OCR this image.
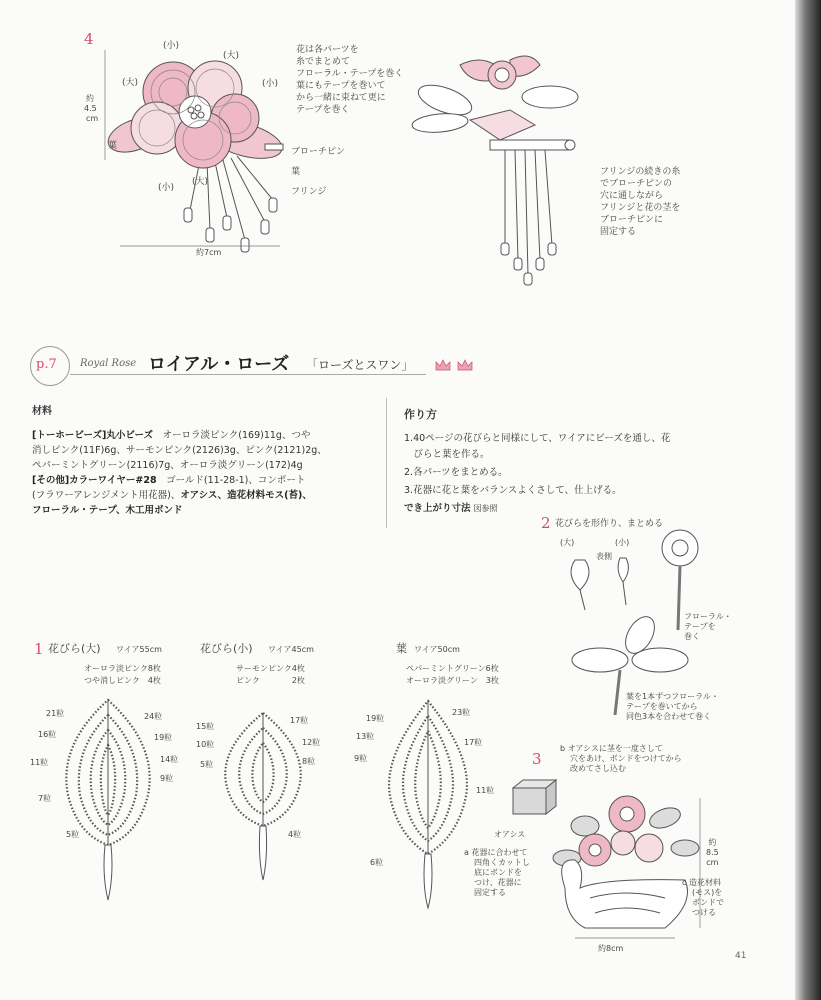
4	(小)
(大)
(大)	(小)
(小)
(大)
約
4.5
cm
葉
ブローチピン
葉
フリンジ
約7cm
花は各パーツを
糸でまとめて
フローラル・テープを巻く
葉にもテープを巻いて
から一緒に束ねて更に
テープを巻く
フリンジの続きの糸
でブローチピンの
穴に通しながら
フリンジと花の茎を
ブローチピンに
固定する
p.7 Royal Rose ロイアル・ローズ 「ローズとスワン」
材料
[トーホービーズ]丸小ビーズ　オーロラ淡ピンク(169)11g、つや
消しピンク(11F)6g、サーモンピンク(2126)3g、ピンク(2121)2g、
ペパーミントグリーン(2116)7g、オーロラ淡グリーン(172)4g
[その他]カラーワイヤー#28　ゴールド(11-28-1)、コンポート
(フラワーアレンジメント用花器)、オアシス、造花材料モス(苔)、
フローラル・テープ、木工用ボンド
作り方
1.40ページの花びらと同様にして、ワイアにビーズを通し、花
　びらと葉を作る。
2.各パーツをまとめる。
3.花器に花と葉をバランスよくさして、仕上げる。
でき上がり寸法 図参照
2 花びらを形作り、まとめる
(大)	(小)
表側
フローラル・
テープを
巻く
葉を1本ずつフローラル・
テープを巻いてから
同色3本を合わせて巻く
1 花びら(大) ワイア55cm
オーロラ淡ピンク8枚
つや消しピンク　4枚
21粒
16粒
11粒
7粒
5粒
24粒
19粒
14粒
9粒
花びら(小) ワイア45cm
サーモンピンク4枚
ピンク　　　　2枚
15粒
10粒
5粒
17粒
12粒
8粒
4粒
葉 ワイア50cm
ペパーミントグリーン6枚
オーロラ淡グリーン　3枚
19粒
13粒
9粒
6粒
23粒
17粒
11粒
3
b オアシスに茎を一度さして
穴をあけ、ボンドをつけてから
改めてさし込む
オアシス
a 花器に合わせて
四角くカットし
底にボンドを
つけ、花器に
固定する
約
8.5
cm
c 造花材料
(モス)を
ボンドで
つける
約8cm
41
